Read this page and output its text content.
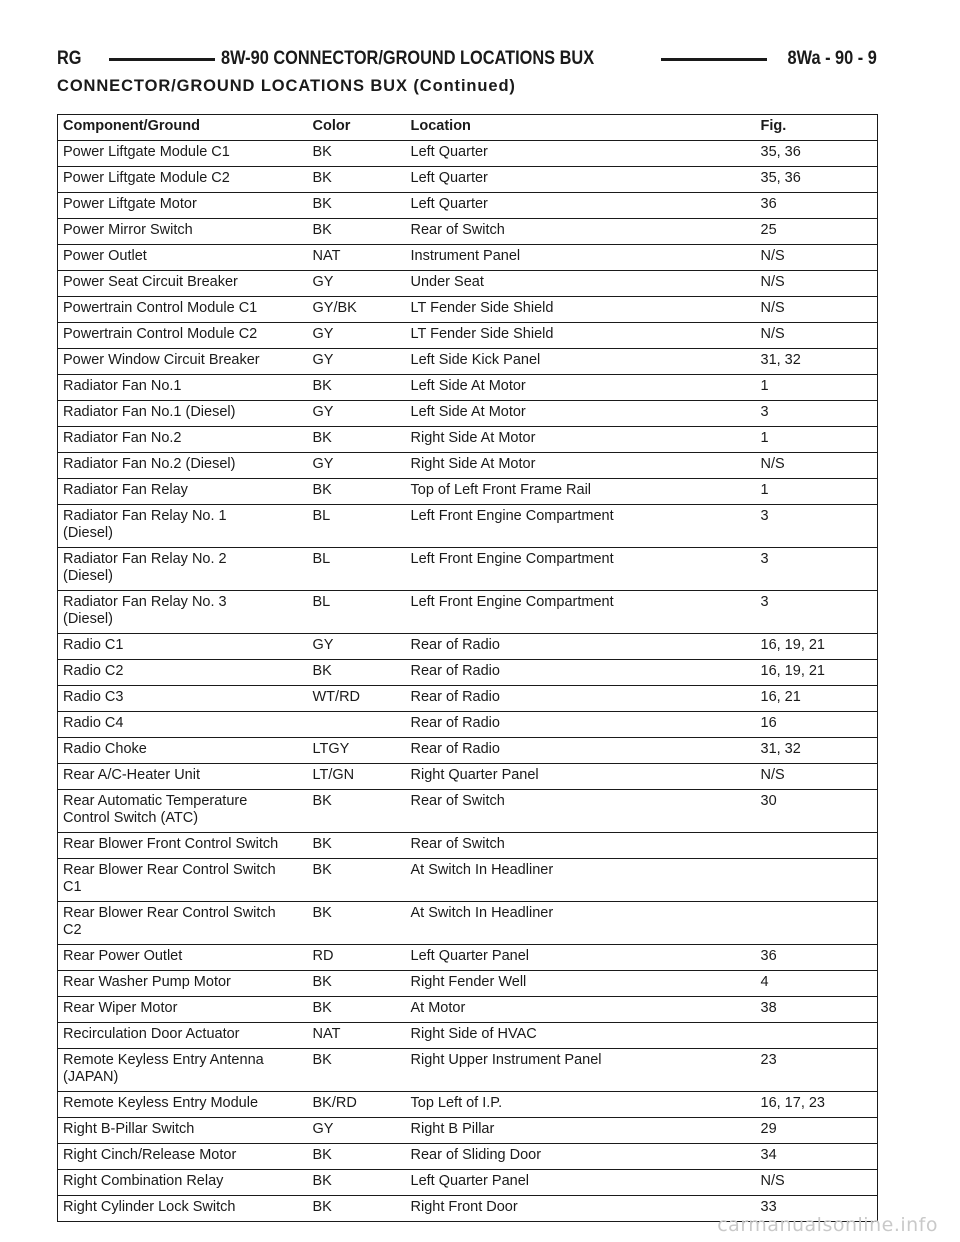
RG	8W-90 CONNECTOR/GROUND LOCATIONS BUX	8Wa - 90 - 9
CONNECTOR/GROUND LOCATIONS BUX (Continued)
Component/Ground	Color	Location	Fig.

Power Liftgate Module C1	BK	Left Quarter	35, 36

Power Liftgate Module C2	BK	Left Quarter	35, 36

Power Liftgate Motor	BK	Left Quarter	36

Power Mirror Switch	BK	Rear of Switch	25

Power Outlet	NAT	Instrument Panel	N/S

Power Seat Circuit Breaker	GY	Under Seat	N/S

Powertrain Control Module C1	GY/BK	LT Fender Side Shield	N/S

Powertrain Control Module C2	GY	LT Fender Side Shield	N/S

Power Window Circuit Breaker	GY	Left Side Kick Panel	31, 32

Radiator Fan No.1	BK	Left Side At Motor	1

Radiator Fan No.1 (Diesel)	GY	Left Side At Motor	3

Radiator Fan No.2	BK	Right Side At Motor	1

Radiator Fan No.2 (Diesel)	GY	Right Side At Motor	N/S

Radiator Fan Relay	BK	Top of Left Front Frame Rail	1

Radiator Fan Relay No. 1
(Diesel)	BL	Left Front Engine Compartment	3

Radiator Fan Relay No. 2
(Diesel)	BL	Left Front Engine Compartment	3

Radiator Fan Relay No. 3
(Diesel)	BL	Left Front Engine Compartment	3

Radio C1	GY	Rear of Radio	16, 19, 21

Radio C2	BK	Rear of Radio	16, 19, 21

Radio C3	WT/RD	Rear of Radio	16, 21

Radio C4		Rear of Radio	16

Radio Choke	LTGY	Rear of Radio	31, 32

Rear A/C-Heater Unit	LT/GN	Right Quarter Panel	N/S

Rear Automatic Temperature
Control Switch (ATC)	BK	Rear of Switch	30

Rear Blower Front Control Switch	BK	Rear of Switch	

Rear Blower Rear Control Switch
C1	BK	At Switch In Headliner	

Rear Blower Rear Control Switch
C2	BK	At Switch In Headliner	

Rear Power Outlet	RD	Left Quarter Panel	36

Rear Washer Pump Motor	BK	Right Fender Well	4

Rear Wiper Motor	BK	At Motor	38

Recirculation Door Actuator	NAT	Right Side of HVAC	

Remote Keyless Entry Antenna
(JAPAN)	BK	Right Upper Instrument Panel	23

Remote Keyless Entry Module	BK/RD	Top Left of I.P.	16, 17, 23

Right B-Pillar Switch	GY	Right B Pillar	29

Right Cinch/Release Motor	BK	Rear of Sliding Door	34

Right Combination Relay	BK	Left Quarter Panel	N/S

Right Cylinder Lock Switch	BK	Right Front Door	33
carmanualsonline.info
